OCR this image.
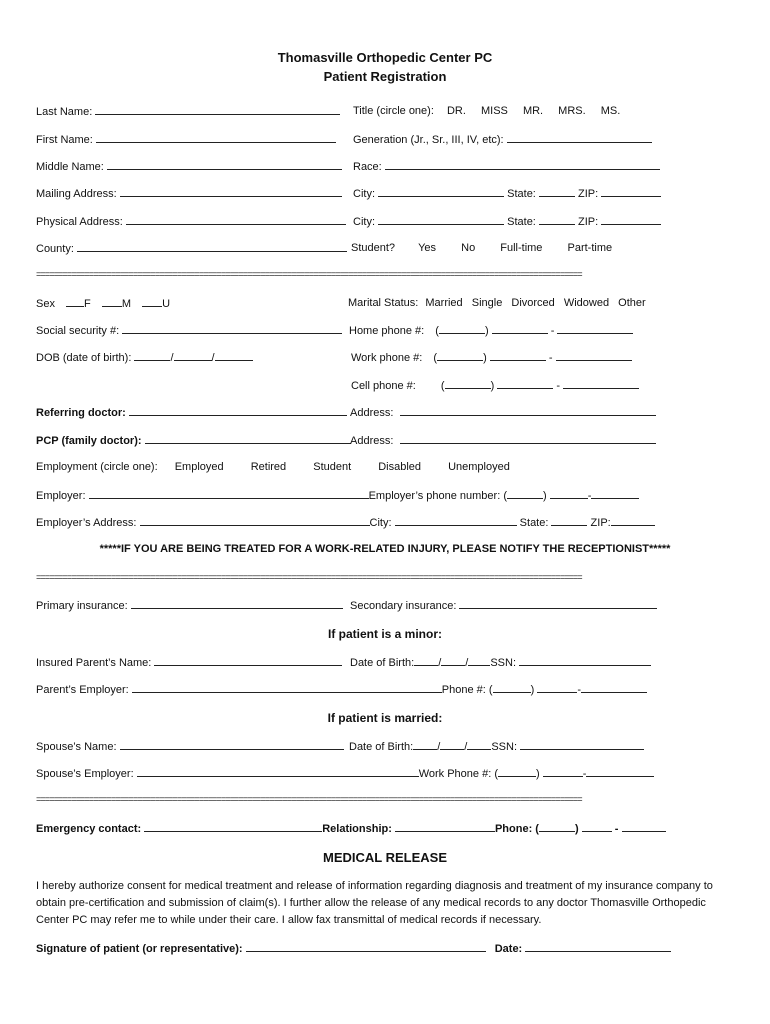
Thomasville Orthopedic Center PC
Patient Registration
Last Name:	Title (circle one): DR. MISS MR. MRS. MS.
First Name:	Generation (Jr., Sr., III, IV, etc):
Middle Name:	Race:
Mailing Address:	City:	State:	ZIP:
Physical Address:	City:	State:	ZIP:
County:	Student? Yes No Full-time Part-time
============================================================================================================================
Sex	F	M	U	Marital Status: Married Single Divorced Widowed Other
Social security #:	Home phone #: (	)	-
DOB (date of birth):	/	/	Work phone #: (	)	-
Cell phone #: (	)	-
Referring doctor:	Address:
PCP (family doctor):	Address:
Employment (circle one): Employed Retired Student Disabled Unemployed
Employer:	Employer’s phone number: (	)	-
Employer’s Address:	City:	State:	ZIP:
*****IF YOU ARE BEING TREATED FOR A WORK-RELATED INJURY, PLEASE NOTIFY THE RECEPTIONIST*****
============================================================================================================================
Primary insurance:	Secondary insurance:
If patient is a minor:
Insured Parent’s Name:	Date of Birth: / / SSN:
Parent’s Employer:	Phone #: (	)	-
If patient is married:
Spouse’s Name:	Date of Birth: / / SSN:
Spouse’s Employer:	Work Phone #: (	)	-
============================================================================================================================
Emergency contact:	Relationship:	Phone: (	)	-
MEDICAL RELEASE
I hereby authorize consent for medical treatment and release of information regarding diagnosis and treatment of my insurance company to obtain pre-certification and submission of claim(s). I further allow the release of any medical records to any doctor Thomasville Orthopedic Center PC may refer me to while under their care. I allow fax transmittal of medical records if necessary.
Signature of patient (or representative):	Date:
